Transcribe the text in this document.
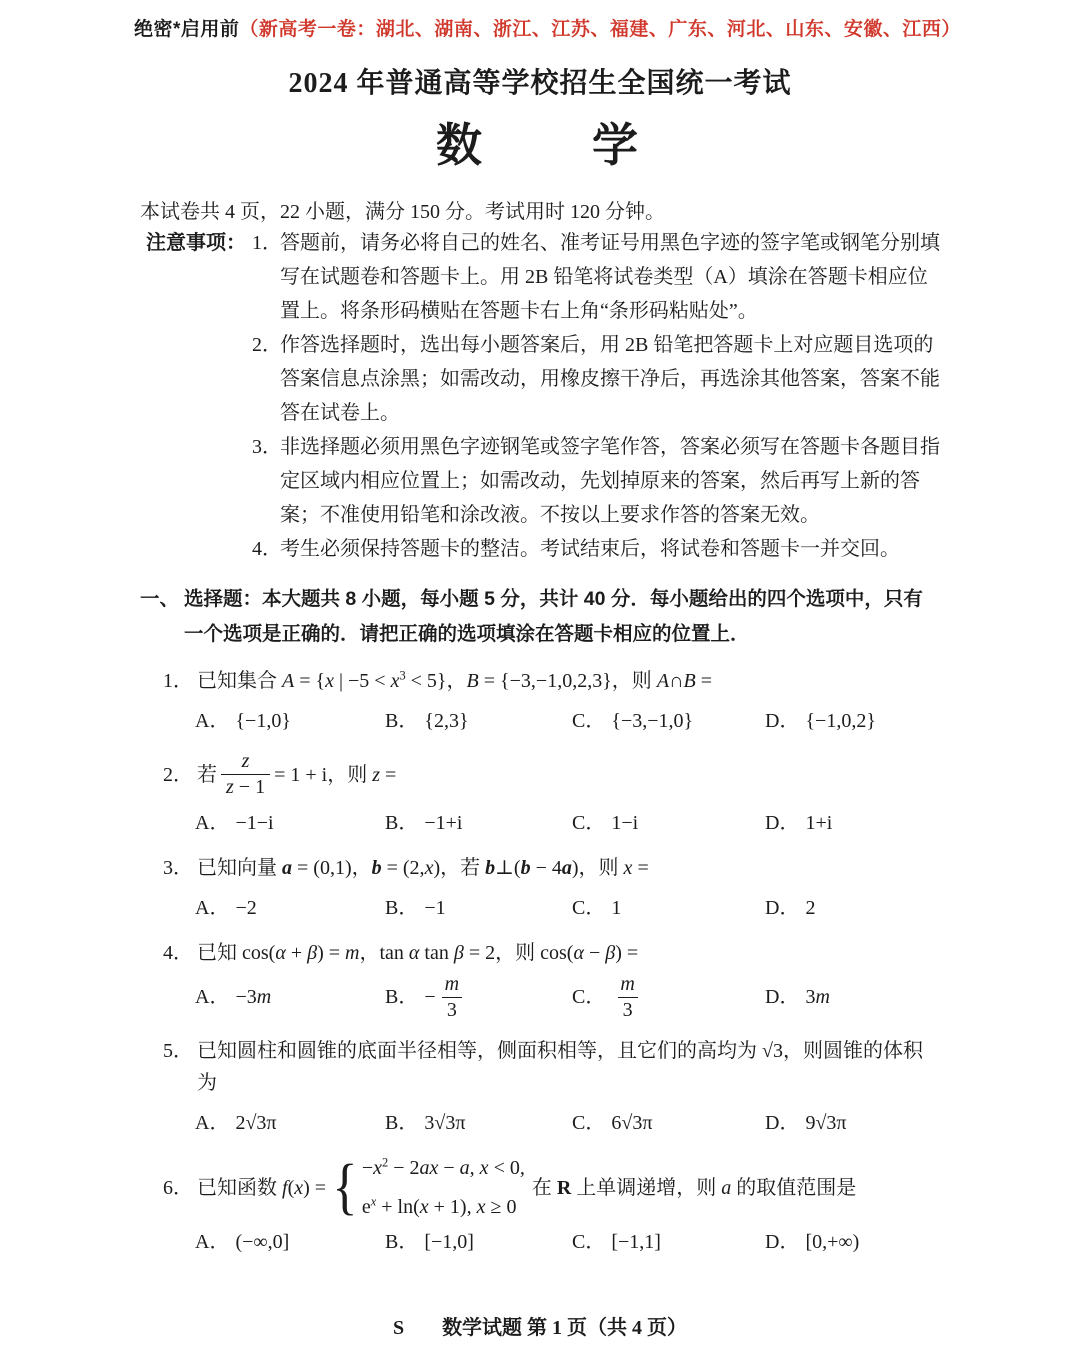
绝密*启用前（新高考一卷：湖北、湖南、浙江、江苏、福建、广东、河北、山东、安徽、江西）
2024 年普通高等学校招生全国统一考试
数　　学
本试卷共 4 页，22 小题，满分 150 分。考试用时 120 分钟。
注意事项： 1．
答题前，请务必将自己的姓名、准考证号用黑色字迹的签字笔或钢笔分别填写在试题卷和答题卡上。用 2B 铅笔将试卷类型（A）填涂在答题卡相应位置上。将条形码横贴在答题卡右上角“条形码粘贴处”。
2．
作答选择题时，选出每小题答案后，用 2B 铅笔把答题卡上对应题目选项的答案信息点涂黑；如需改动，用橡皮擦干净后，再选涂其他答案，答案不能答在试卷上。
3．
非选择题必须用黑色字迹钢笔或签字笔作答，答案必须写在答题卡各题目指定区域内相应位置上；如需改动，先划掉原来的答案，然后再写上新的答案；不准使用铅笔和涂改液。不按以上要求作答的答案无效。
4．
考生必须保持答题卡的整洁。考试结束后，将试卷和答题卡一并交回。
一、 选择题：本大题共 8 小题，每小题 5 分，共计 40 分．每小题给出的四个选项中，只有一个选项是正确的．请把正确的选项填涂在答题卡相应的位置上．
1． 已知集合 A = {x | $-5 < x^3 < 5$}，B = {−3,−1,0,2,3}，则 A∩B =
A． {−1,0}	B． {2,3}	C． {−3,−1,0}	D． {−1,0,2}
2． 若 $\frac{z}{z - 1} = 1 + i$，则 z =
A． −1−i	B． −1+i	C． 1−i	D． 1+i
3． 已知向量 a = (0,1)，b = (2,x)，若 b⊥(b − 4a)，则 x =
A． −2	B． −1	C． 1	D． 2
4． 已知 cos(α + β) = m，tan α tan β = 2，则 cos(α − β) =
A． −3m	B． − $\frac{m}{3}$	C． $\frac{m}{3}$	D． 3m
5． 已知圆柱和圆锥的底面半径相等，侧面积相等，且它们的高均为 √3，则圆锥的体积为
A． 2√3π	B． 3√3π	C． 6√3π	D． 9√3π
6． 已知函数 f(x) = { $-x^2 - 2ax - a$, x < 0,
$e^x + \ln(x + 1)$, x ≥ 0
在 R 上单调递增，则 a 的取值范围是
A． (−∞,0]	B． [−1,0]	C． [−1,1]	D． [0,+∞)
S 数学试题 第 1 页（共 4 页）
